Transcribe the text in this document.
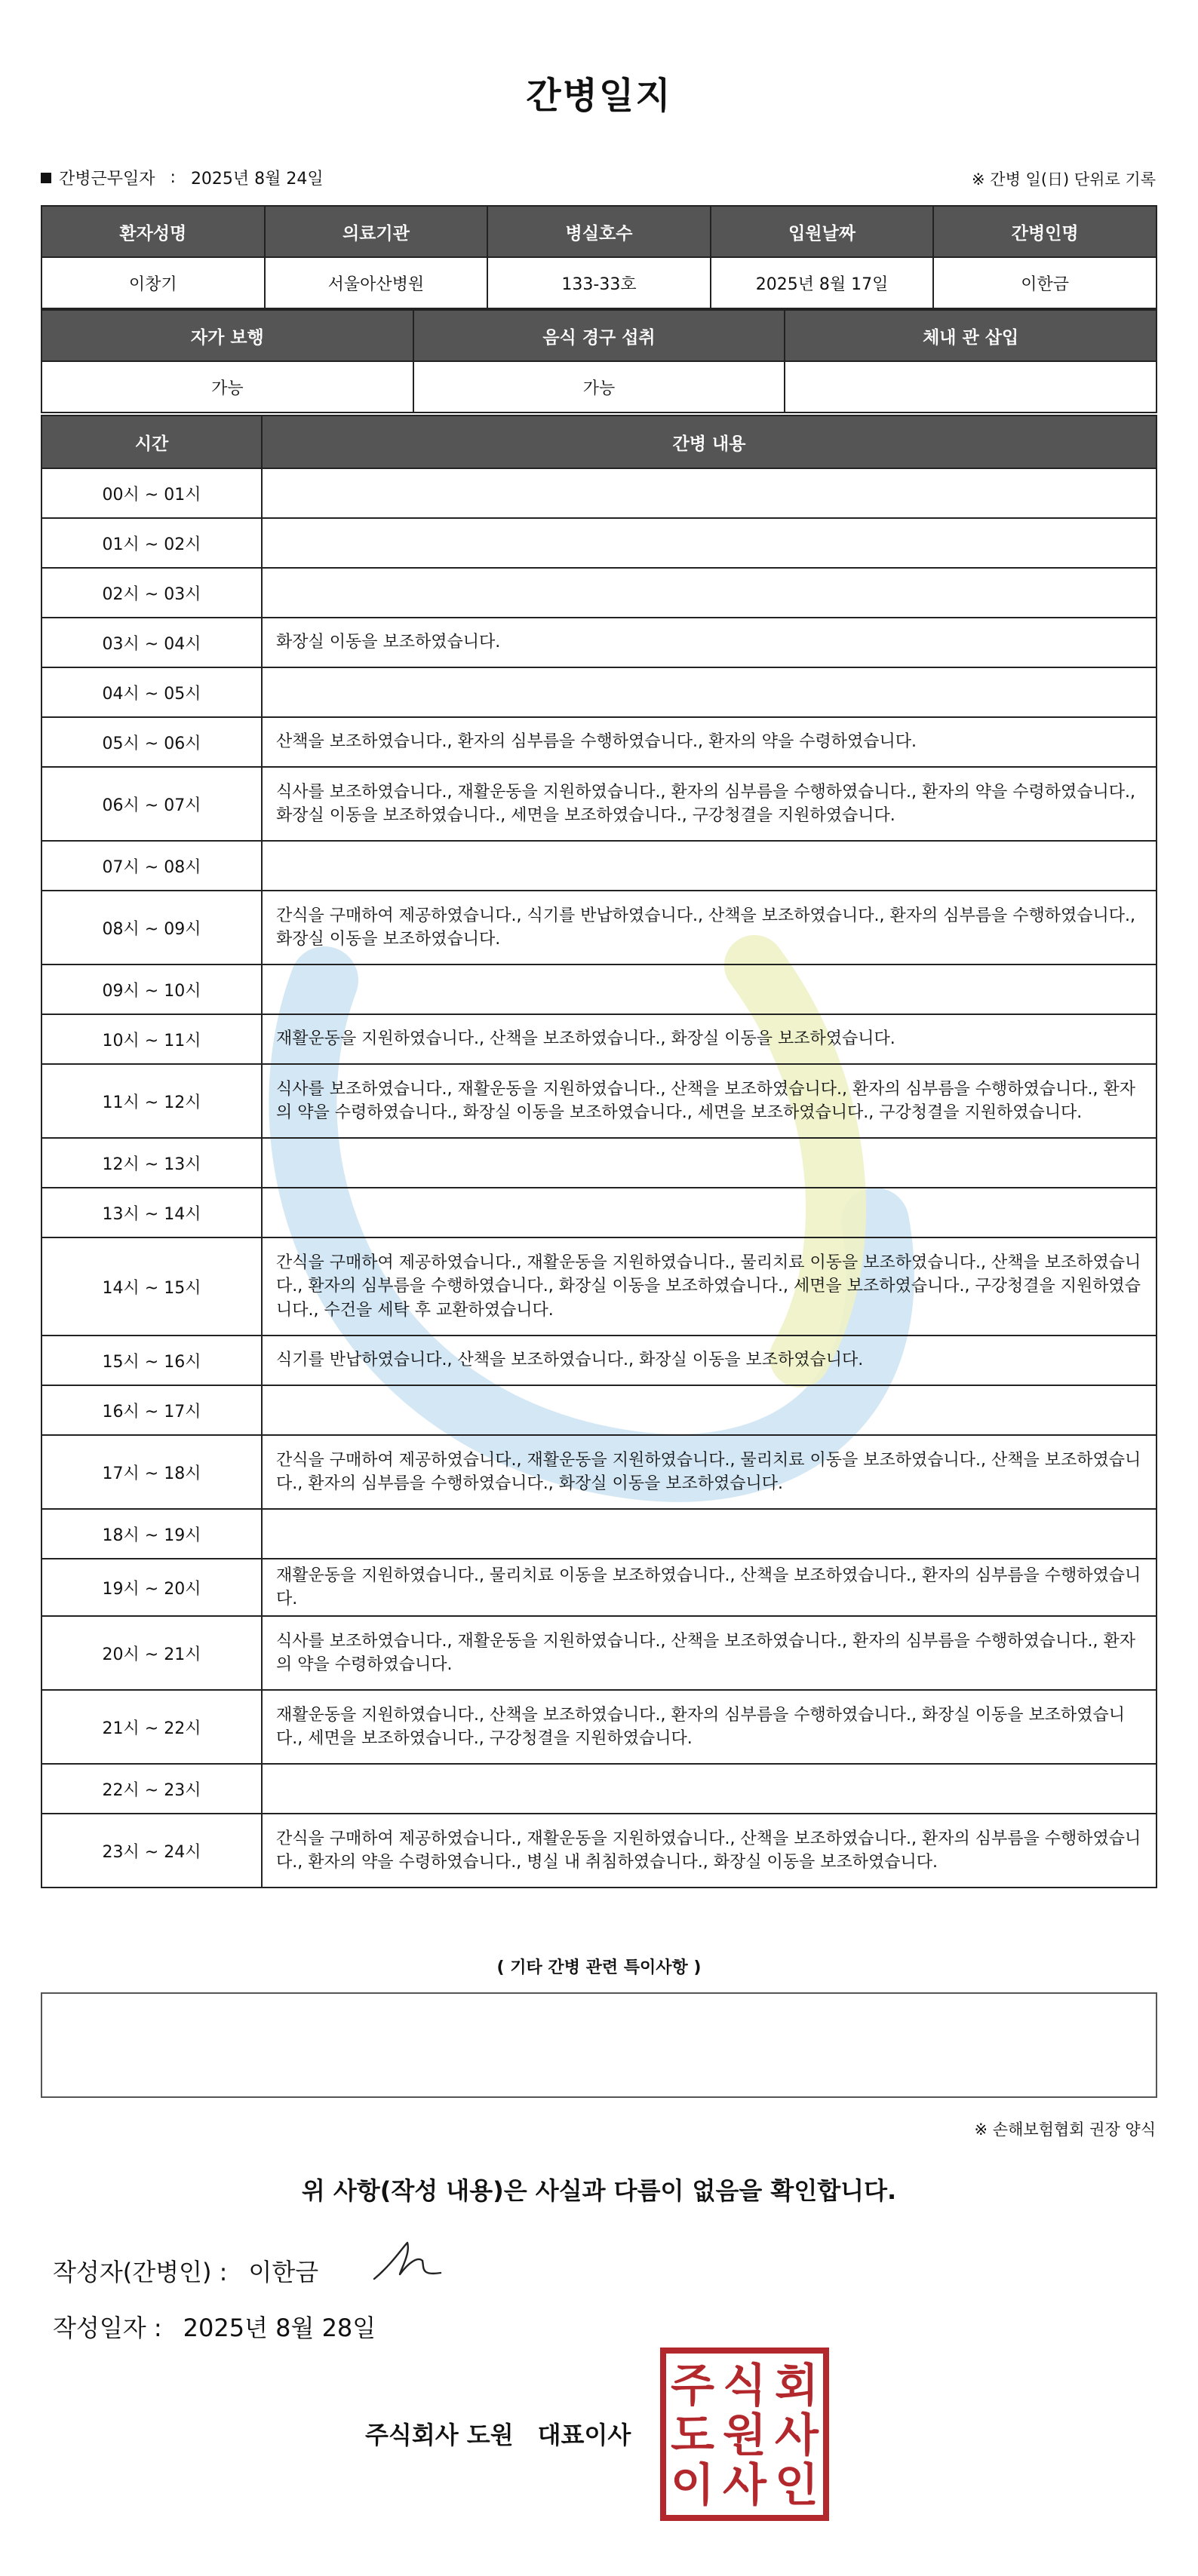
간병일지
간병근무일자 : 2025년 8월 24일	※ 간병 일(日) 단위로 기록
환자성명	의료기관	병실호수	입원날짜	간병인명
이창기	서울아산병원	133-33호	2025년 8월 17일	이한금
자가 보행	음식 경구 섭취	체내 관 삽입
가능	가능	
시간	간병 내용
00시 ~ 01시	
01시 ~ 02시	
02시 ~ 03시	
03시 ~ 04시	화장실 이동을 보조하였습니다.
04시 ~ 05시	
05시 ~ 06시	산책을 보조하였습니다., 환자의 심부름을 수행하였습니다., 환자의 약을 수령하였습니다.
06시 ~ 07시	식사를 보조하였습니다., 재활운동을 지원하였습니다., 환자의 심부름을 수행하였습니다., 환자의 약을 수령하였습니다., 화장실 이동을 보조하였습니다., 세면을 보조하였습니다., 구강청결을 지원하였습니다.
07시 ~ 08시	
08시 ~ 09시	간식을 구매하여 제공하였습니다., 식기를 반납하였습니다., 산책을 보조하였습니다., 환자의 심부름을 수행하였습니다., 화장실 이동을 보조하였습니다.
09시 ~ 10시	
10시 ~ 11시	재활운동을 지원하였습니다., 산책을 보조하였습니다., 화장실 이동을 보조하였습니다.
11시 ~ 12시	식사를 보조하였습니다., 재활운동을 지원하였습니다., 산책을 보조하였습니다., 환자의 심부름을 수행하였습니다., 환자의 약을 수령하였습니다., 화장실 이동을 보조하였습니다., 세면을 보조하였습니다., 구강청결을 지원하였습니다.
12시 ~ 13시	
13시 ~ 14시	
14시 ~ 15시	간식을 구매하여 제공하였습니다., 재활운동을 지원하였습니다., 물리치료 이동을 보조하였습니다., 산책을 보조하였습니다., 환자의 심부름을 수행하였습니다., 화장실 이동을 보조하였습니다., 세면을 보조하였습니다., 구강청결을 지원하였습니다., 수건을 세탁 후 교환하였습니다.
15시 ~ 16시	식기를 반납하였습니다., 산책을 보조하였습니다., 화장실 이동을 보조하였습니다.
16시 ~ 17시	
17시 ~ 18시	간식을 구매하여 제공하였습니다., 재활운동을 지원하였습니다., 물리치료 이동을 보조하였습니다., 산책을 보조하였습니다., 환자의 심부름을 수행하였습니다., 화장실 이동을 보조하였습니다.
18시 ~ 19시	
19시 ~ 20시	재활운동을 지원하였습니다., 물리치료 이동을 보조하였습니다., 산책을 보조하였습니다., 환자의 심부름을 수행하였습니다.
20시 ~ 21시	식사를 보조하였습니다., 재활운동을 지원하였습니다., 산책을 보조하였습니다., 환자의 심부름을 수행하였습니다., 환자의 약을 수령하였습니다.
21시 ~ 22시	재활운동을 지원하였습니다., 산책을 보조하였습니다., 환자의 심부름을 수행하였습니다., 화장실 이동을 보조하였습니다., 세면을 보조하였습니다., 구강청결을 지원하였습니다.
22시 ~ 23시	
23시 ~ 24시	간식을 구매하여 제공하였습니다., 재활운동을 지원하였습니다., 산책을 보조하였습니다., 환자의 심부름을 수행하였습니다., 환자의 약을 수령하였습니다., 병실 내 취침하였습니다., 화장실 이동을 보조하였습니다.
( 기타 간병 관련 특이사항 )
※ 손해보험협회 권장 양식
위 사항(작성 내용)은 사실과 다름이 없음을 확인합니다.
작성자(간병인) : 이한금
작성일자 : 2025년 8월 28일
주식회사 도원 대표이사
주 식 회
도 원 사
이 사 인
